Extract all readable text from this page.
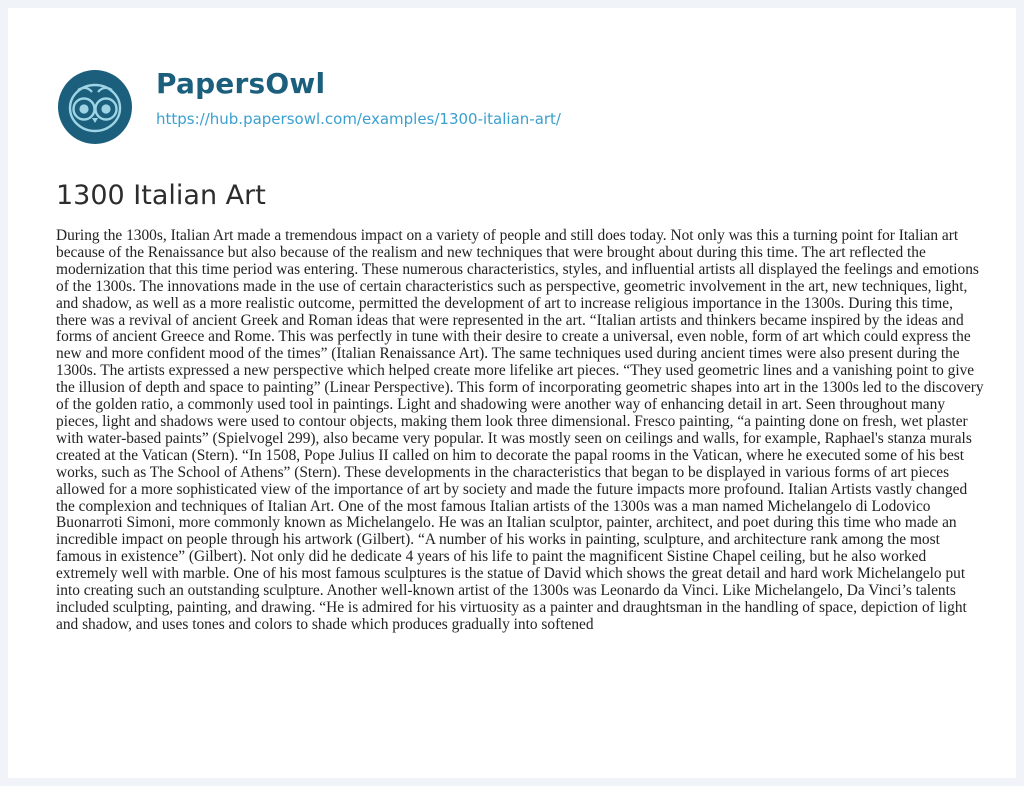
PapersOwl
https://hub.papersowl.com/examples/1300-italian-art/
1300 Italian Art

During the 1300s, Italian Art made a tremendous impact on a variety of people and still does today. Not only was this a turning point for Italian art because of the Renaissance but also because of the realism and new techniques that were brought about during this time. The art reflected the modernization that this time period was entering. These numerous characteristics, styles, and influential artists all displayed the feelings and emotions of the 1300s. The innovations made in the use of certain characteristics such as perspective, geometric involvement in the art, new techniques, light, and shadow, as well as a more realistic outcome, permitted the development of art to increase religious importance in the 1300s. During this time, there was a revival of ancient Greek and Roman ideas that were represented in the art. “Italian artists and thinkers became inspired by the ideas and forms of ancient Greece and Rome. This was perfectly in tune with their desire to create a universal, even noble, form of art which could express the new and more confident mood of the times” (Italian Renaissance Art). The same techniques used during ancient times were also present during the 1300s. The artists expressed a new perspective which helped create more lifelike art pieces. “They used geometric lines and a vanishing point to give the illusion of depth and space to painting” (Linear Perspective). This form of incorporating geometric shapes into art in the 1300s led to the discovery of the golden ratio, a commonly used tool in paintings. Light and shadowing were another way of enhancing detail in art. Seen throughout many pieces, light and shadows were used to contour objects, making them look three dimensional. Fresco painting, “a painting done on fresh, wet plaster with water-based paints” (Spielvogel 299), also became very popular. It was mostly seen on ceilings and walls, for example, Raphael's stanza murals created at the Vatican (Stern). “In 1508, Pope Julius II called on him to decorate the papal rooms in the Vatican, where he executed some of his best works, such as The School of Athens” (Stern). These developments in the characteristics that began to be displayed in various forms of art pieces allowed for a more sophisticated view of the importance of art by society and made the future impacts more profound. Italian Artists vastly changed the complexion and techniques of Italian Art. One of the most famous Italian artists of the 1300s was a man named Michelangelo di Lodovico Buonarroti Simoni, more commonly known as Michelangelo. He was an Italian sculptor, painter, architect, and poet during this time who made an incredible impact on people through his artwork (Gilbert). “A number of his works in painting, sculpture, and architecture rank among the most famous in existence” (Gilbert). Not only did he dedicate 4 years of his life to paint the magnificent Sistine Chapel ceiling, but he also worked extremely well with marble. One of his most famous sculptures is the statue of David which shows the great detail and hard work Michelangelo put into creating such an outstanding sculpture. Another well-known artist of the 1300s was Leonardo da Vinci. Like Michelangelo, Da Vinci’s talents included sculpting, painting, and drawing. “He is admired for his virtuosity as a painter and draughtsman in the handling of space, depiction of light and shadow, and uses tones and colors to shade which produces gradually into softened
